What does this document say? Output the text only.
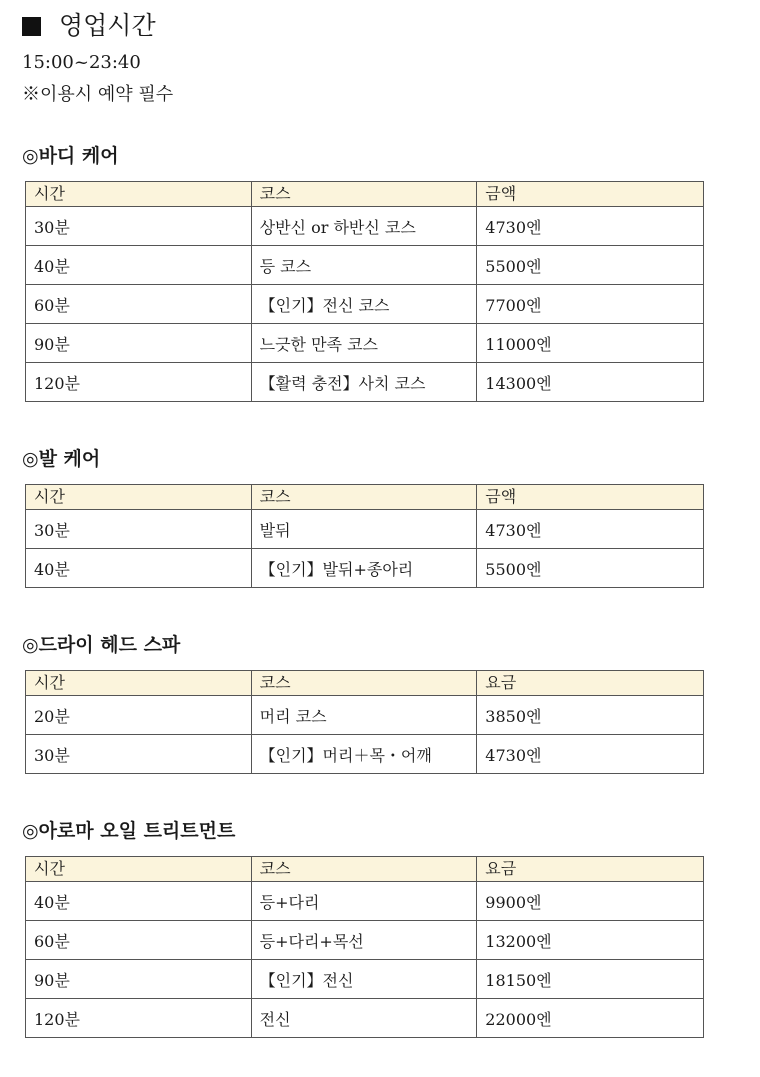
영업시간
15:00~23:40
※이용시 예약 필수
◎바디 케어
시간	코스	금액
30분	상반신 or 하반신 코스	4730엔
40분	등 코스	5500엔
60분	【인기】전신 코스	7700엔
90분	느긋한 만족 코스	11000엔
120분	【활력 충전】사치 코스	14300엔
◎발 케어
시간	코스	금액
30분	발뒤	4730엔
40분	【인기】발뒤+종아리	5500엔
◎드라이 헤드 스파
시간	코스	요금
20분	머리 코스	3850엔
30분	【인기】머리＋목・어깨	4730엔
◎아로마 오일 트리트먼트
시간	코스	요금
40분	등+다리	9900엔
60분	등+다리+목선	13200엔
90분	【인기】전신	18150엔
120분	전신	22000엔
